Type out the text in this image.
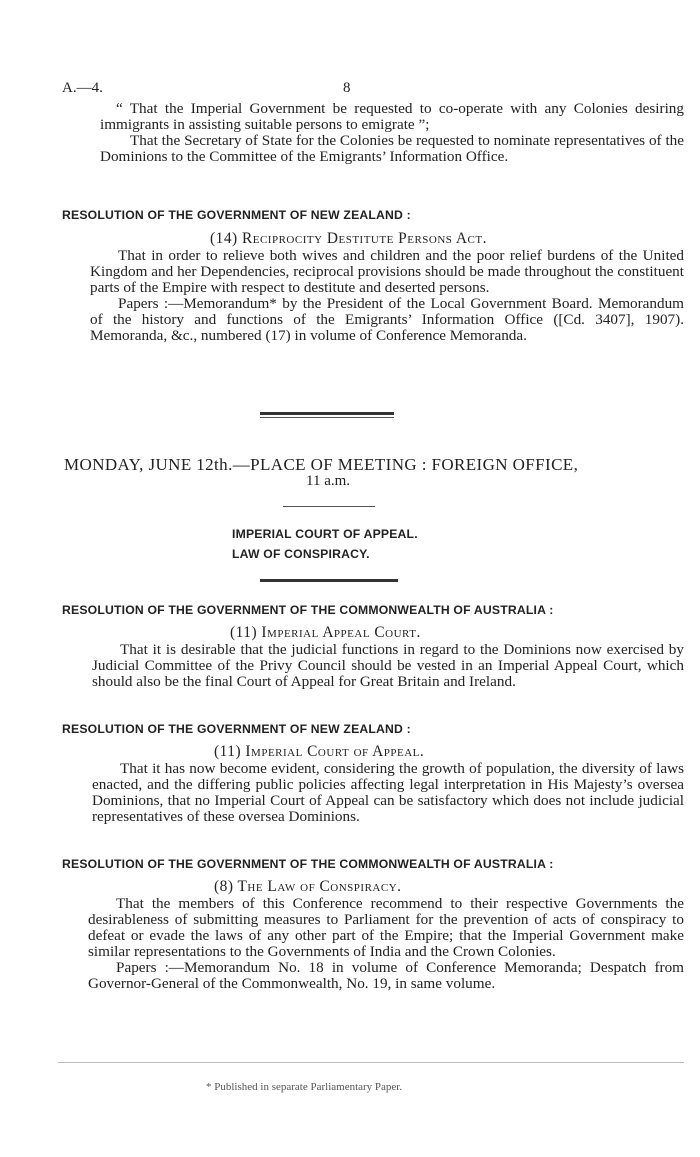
A.—4.	8

“ That the Imperial Government be requested to co-operate with any Colonies desiring immigrants in assisting suitable persons to emigrate ”;

That the Secretary of State for the Colonies be requested to nominate representatives of the Dominions to the Committee of the Emigrants’ Information Office.

RESOLUTION OF THE GOVERNMENT OF NEW ZEALAND :
(14) Reciprocity Destitute Persons Act.

That in order to relieve both wives and children and the poor relief burdens of the United Kingdom and her Dependencies, reciprocal provisions should be made throughout the constituent parts of the Empire with respect to destitute and deserted persons.

Papers :—Memorandum* by the President of the Local Government Board. Memorandum of the history and functions of the Emigrants’ Information Office ([Cd. 3407], 1907). Memoranda, &c., numbered (17) in volume of Conference Memoranda.

MONDAY, JUNE 12th.—PLACE OF MEETING : FOREIGN OFFICE,
11 a.m.
IMPERIAL COURT OF APPEAL.
LAW OF CONSPIRACY.
RESOLUTION OF THE GOVERNMENT OF THE COMMONWEALTH OF AUSTRALIA :
(11) Imperial Appeal Court.

That it is desirable that the judicial functions in regard to the Dominions now exercised by Judicial Committee of the Privy Council should be vested in an Imperial Appeal Court, which should also be the final Court of Appeal for Great Britain and Ireland.

RESOLUTION OF THE GOVERNMENT OF NEW ZEALAND :
(11) Imperial Court of Appeal.

That it has now become evident, considering the growth of population, the diversity of laws enacted, and the differing public policies affecting legal interpretation in His Majesty’s oversea Dominions, that no Imperial Court of Appeal can be satisfactory which does not include judicial representatives of these oversea Dominions.

RESOLUTION OF THE GOVERNMENT OF THE COMMONWEALTH OF AUSTRALIA :
(8) The Law of Conspiracy.

That the members of this Conference recommend to their respective Governments the desirableness of submitting measures to Parliament for the prevention of acts of conspiracy to defeat or evade the laws of any other part of the Empire; that the Imperial Government make similar representations to the Governments of India and the Crown Colonies.

Papers :—Memorandum No. 18 in volume of Conference Memoranda; Despatch from Governor-General of the Commonwealth, No. 19, in same volume.

* Published in separate Parliamentary Paper.
